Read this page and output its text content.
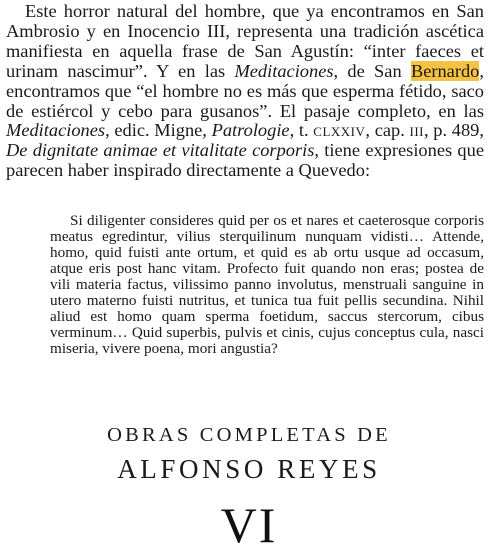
Este horror natural del hombre, que ya encontramos en San Ambrosio y en Inocencio III, representa una tradición ascética manifiesta en aquella frase de San Agustín: “inter faeces et urinam nascimur”. Y en las Meditaciones, de San Bernardo, encontramos que “el hombre no es más que esperma fétido, saco de estiércol y cebo para gusanos”. El pasaje completo, en las Meditaciones, edic. Migne, Patrologie, t. clxxiv, cap. iii, p. 489, De dignitate animae et vitalitate corporis, tiene expresiones que parecen haber inspirado directamente a Quevedo:

Si diligenter consideres quid per os et nares et caeterosque corporis meatus egredintur, vilius sterquilinum nunquam vidisti… Attende, homo, quid fuisti ante ortum, et quid es ab ortu usque ad occasum, atque eris post hanc vitam. Profecto fuit quando non eras; postea de vili materia factus, vilissimo panno involutus, menstruali sanguine in utero materno fuisti nutritus, et tunica tua fuit pellis secundina. Nihil aliud est homo quam sperma foetidum, saccus stercorum, cibus verminum… Quid superbis, pulvis et cinis, cujus conceptus cula, nasci miseria, vivere poena, mori angustia?

OBRAS COMPLETAS DE
ALFONSO REYES
VI
